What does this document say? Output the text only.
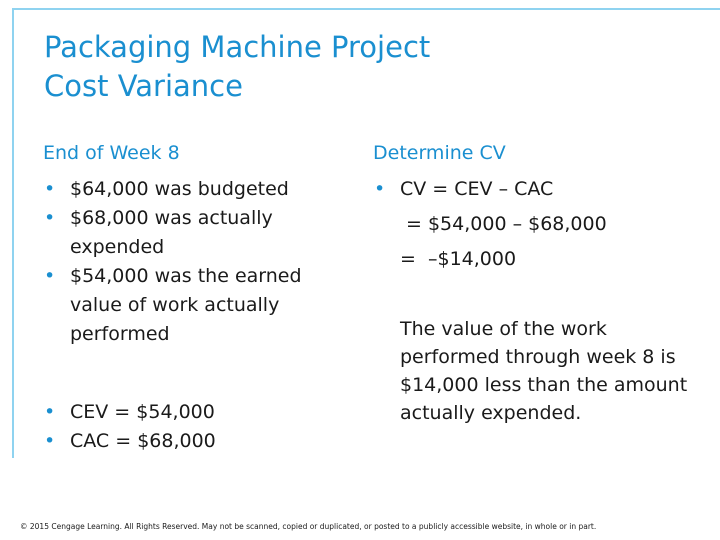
Packaging Machine Project
Cost Variance
End of Week 8	Determine CV
• $64,000 was budgeted
• $68,000 was actually expended
• $54,000 was the earned value of work actually performed
• CEV = $54,000
• CAC = $68,000
• CV = CEV – CAC
= $54,000 – $68,000
=  –$14,000

The value of the work performed through week 8 is $14,000 less than the amount actually expended.

© 2015 Cengage Learning. All Rights Reserved. May not be scanned, copied or duplicated, or posted to a publicly accessible website, in whole or in part.
